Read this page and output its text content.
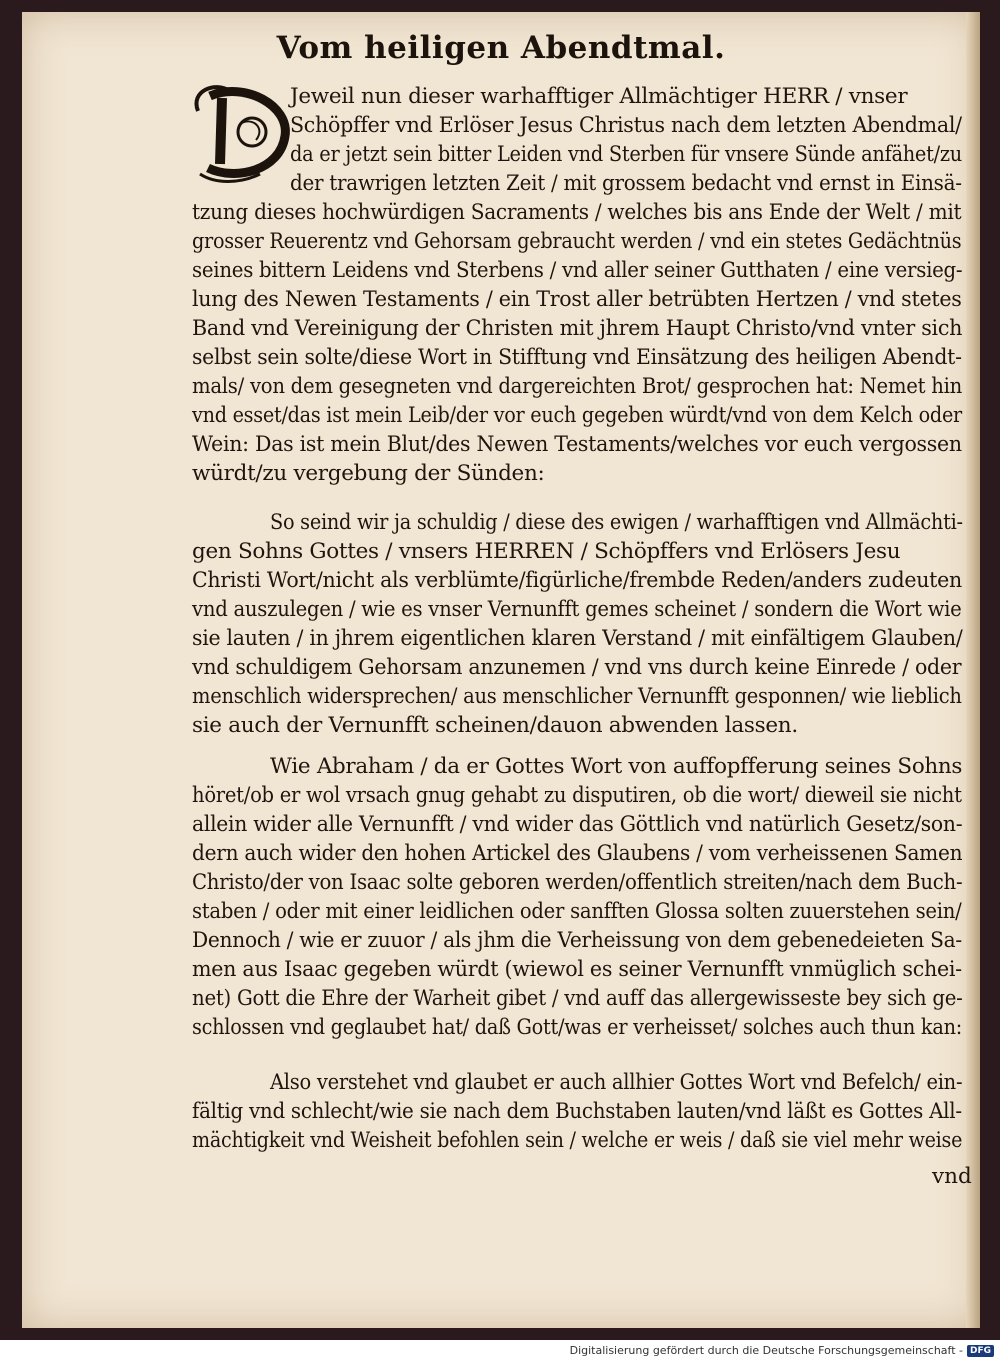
Vom heiligen Abendtmal.
Jeweil nun dieser warhafftiger Allmächtiger HERR / vnser
Schöpffer vnd Erlöser Jesus Christus nach dem letzten Abendmal/
da er jetzt sein bitter Leiden vnd Sterben für vnsere Sünde anfähet/zu
der trawrigen letzten Zeit / mit grossem bedacht vnd ernst in Einsä-
tzung dieses hochwürdigen Sacraments / welches bis ans Ende der Welt / mit
grosser Reuerentz vnd Gehorsam gebraucht werden / vnd ein stetes Gedächtnüs
seines bittern Leidens vnd Sterbens / vnd aller seiner Gutthaten / eine versieg-
lung des Newen Testaments / ein Trost aller betrübten Hertzen / vnd stetes
Band vnd Vereinigung der Christen mit jhrem Haupt Christo/vnd vnter sich
selbst sein solte/diese Wort in Stifftung vnd Einsätzung des heiligen Abendt-
mals/ von dem gesegneten vnd dargereichten Brot/ gesprochen hat: Nemet hin
vnd esset/das ist mein Leib/der vor euch gegeben würdt/vnd von dem Kelch oder
Wein: Das ist mein Blut/des Newen Testaments/welches vor euch vergossen
würdt/zu vergebung der Sünden:
So seind wir ja schuldig / diese des ewigen / warhafftigen vnd Allmächti-
gen Sohns Gottes / vnsers HERREN / Schöpffers vnd Erlösers Jesu
Christi Wort/nicht als verblümte/figürliche/frembde Reden/anders zudeuten
vnd auszulegen / wie es vnser Vernunfft gemes scheinet / sondern die Wort wie
sie lauten / in jhrem eigentlichen klaren Verstand / mit einfältigem Glauben/
vnd schuldigem Gehorsam anzunemen / vnd vns durch keine Einrede / oder
menschlich widersprechen/ aus menschlicher Vernunfft gesponnen/ wie lieblich
sie auch der Vernunfft scheinen/dauon abwenden lassen.
Wie Abraham / da er Gottes Wort von auffopfferung seines Sohns
höret/ob er wol vrsach gnug gehabt zu disputiren, ob die wort/ dieweil sie nicht
allein wider alle Vernunfft / vnd wider das Göttlich vnd natürlich Gesetz/son-
dern auch wider den hohen Artickel des Glaubens / vom verheissenen Samen
Christo/der von Isaac solte geboren werden/offentlich streiten/nach dem Buch-
staben / oder mit einer leidlichen oder sanfften Glossa solten zuuerstehen sein/
Dennoch / wie er zuuor / als jhm die Verheissung von dem gebenedeieten Sa-
men aus Isaac gegeben würdt (wiewol es seiner Vernunfft vnmüglich schei-
net) Gott die Ehre der Warheit gibet / vnd auff das allergewisseste bey sich ge-
schlossen vnd geglaubet hat/ daß Gott/was er verheisset/ solches auch thun kan:
Also verstehet vnd glaubet er auch allhier Gottes Wort vnd Befelch/ ein-
fältig vnd schlecht/wie sie nach dem Buchstaben lauten/vnd läßt es Gottes All-
mächtigkeit vnd Weisheit befohlen sein / welche er weis / daß sie viel mehr weise
vnd
Digitalisierung gefördert durch die Deutsche Forschungsgemeinschaft - DFG
